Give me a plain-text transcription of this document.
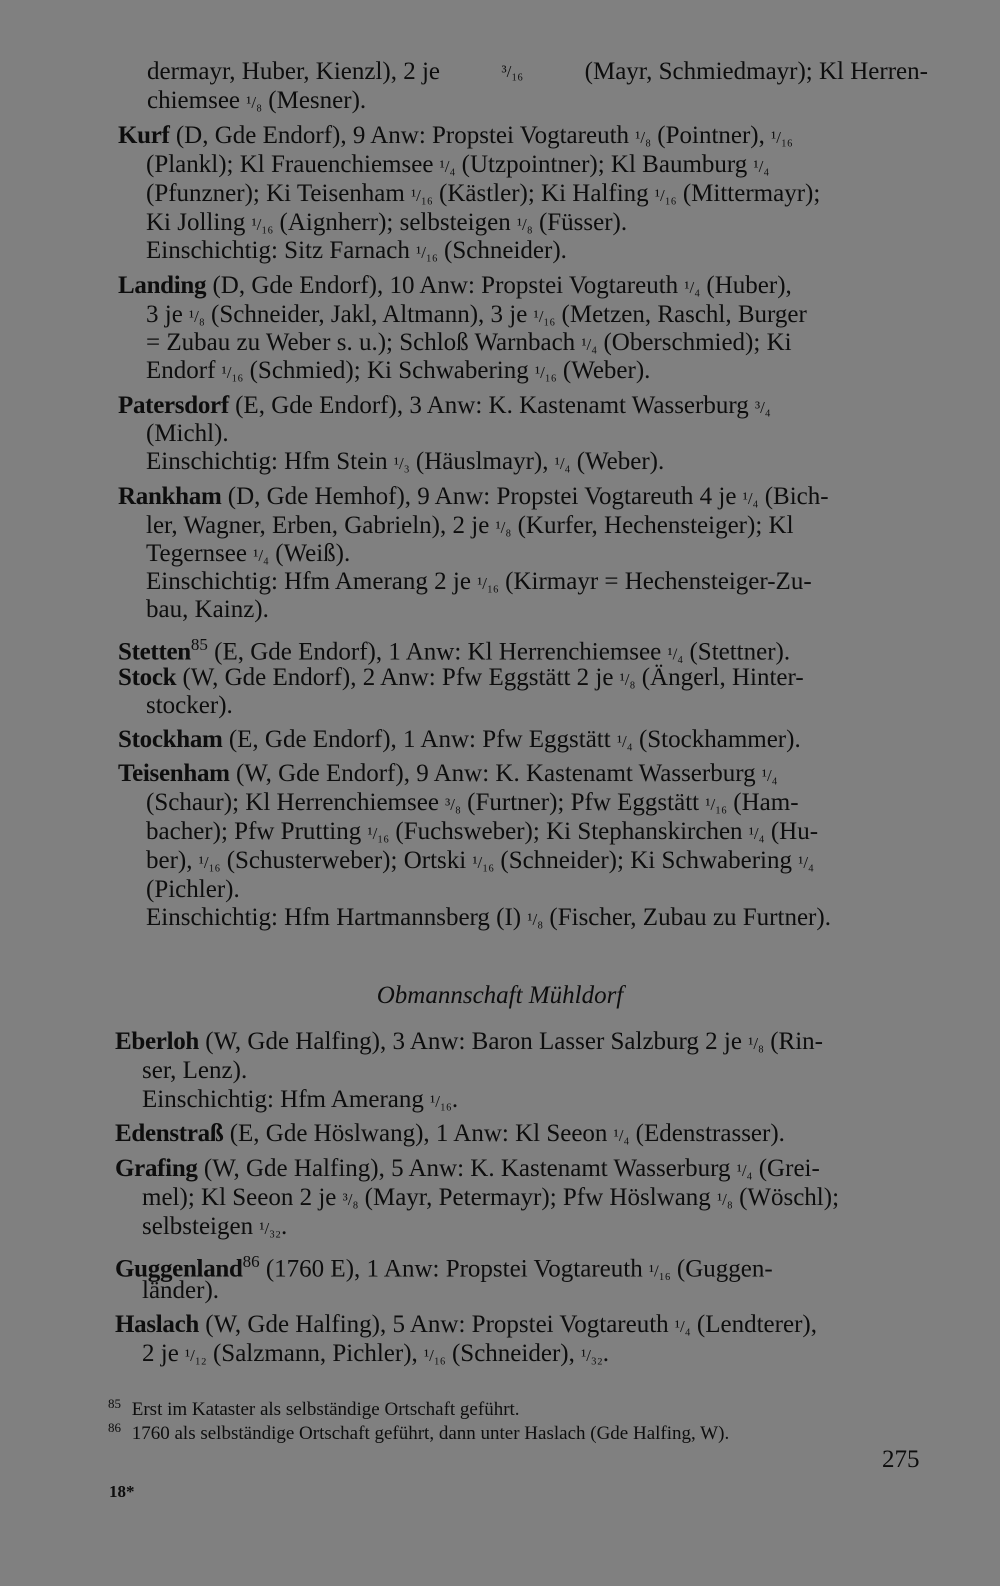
dermayr, Huber, Kienzl), 2 je	³/₁₆ (Mayr, Schmiedmayr); Kl Herren-
chiemsee ¹/₈ (Mesner).
Kurf (D, Gde Endorf), 9 Anw: Propstei Vogtareuth ¹/₈ (Pointner), ¹/₁₆
(Plankl); Kl Frauenchiemsee ¹/₄ (Utzpointner); Kl Baumburg ¹/₄
(Pfunzner); Ki Teisenham ¹/₁₆ (Kästler); Ki Halfing ¹/₁₆ (Mittermayr);
Ki Jolling ¹/₁₆ (Aignherr); selbsteigen ¹/₈ (Füsser).
Einschichtig: Sitz Farnach ¹/₁₆ (Schneider).
Landing (D, Gde Endorf), 10 Anw: Propstei Vogtareuth ¹/₄ (Huber),
3 je ¹/₈ (Schneider, Jakl, Altmann), 3 je ¹/₁₆ (Metzen, Raschl, Burger
= Zubau zu Weber s. u.); Schloß Warnbach ¹/₄ (Oberschmied); Ki
Endorf ¹/₁₆ (Schmied); Ki Schwabering ¹/₁₆ (Weber).
Patersdorf (E, Gde Endorf), 3 Anw: K. Kastenamt Wasserburg ³/₄
(Michl).
Einschichtig: Hfm Stein ¹/₃ (Häuslmayr), ¹/₄ (Weber).
Rankham (D, Gde Hemhof), 9 Anw: Propstei Vogtareuth 4 je ¹/₄ (Bich-
ler, Wagner, Erben, Gabrieln), 2 je ¹/₈ (Kurfer, Hechensteiger); Kl
Tegernsee ¹/₄ (Weiß).
Einschichtig: Hfm Amerang 2 je ¹/₁₆ (Kirmayr = Hechensteiger-Zu-
bau, Kainz).
Stetten$^{85}$ (E, Gde Endorf), 1 Anw: Kl Herrenchiemsee ¹/₄ (Stettner).
Stock (W, Gde Endorf), 2 Anw: Pfw Eggstätt 2 je ¹/₈ (Ängerl, Hinter-
stocker).
Stockham (E, Gde Endorf), 1 Anw: Pfw Eggstätt ¹/₄ (Stockhammer).
Teisenham (W, Gde Endorf), 9 Anw: K. Kastenamt Wasserburg ¹/₄
(Schaur); Kl Herrenchiemsee ³/₈ (Furtner); Pfw Eggstätt ¹/₁₆ (Ham-
bacher); Pfw Prutting ¹/₁₆ (Fuchsweber); Ki Stephanskirchen ¹/₄ (Hu-
ber), ¹/₁₆ (Schusterweber); Ortski ¹/₁₆ (Schneider); Ki Schwabering ¹/₄
(Pichler).
Einschichtig: Hfm Hartmannsberg (I) ¹/₈ (Fischer, Zubau zu Furtner).
Obmannschaft Mühldorf
Eberloh (W, Gde Halfing), 3 Anw: Baron Lasser Salzburg 2 je ¹/₈ (Rin-
ser, Lenz).
Einschichtig: Hfm Amerang ¹/₁₆.
Edenstraß (E, Gde Höslwang), 1 Anw: Kl Seeon ¹/₄ (Edenstrasser).
Grafing (W, Gde Halfing), 5 Anw: K. Kastenamt Wasserburg ¹/₄ (Grei-
mel); Kl Seeon 2 je ³/₈ (Mayr, Petermayr); Pfw Höslwang ¹/₈ (Wöschl);
selbsteigen ¹/₃₂.
Guggenland$^{86}$ (1760 E), 1 Anw: Propstei Vogtareuth ¹/₁₆ (Guggen-
länder).
Haslach (W, Gde Halfing), 5 Anw: Propstei Vogtareuth ¹/₄ (Lendterer),
2 je ¹/₁₂ (Salzmann, Pichler), ¹/₁₆ (Schneider), ¹/₃₂.
$^{85}$ Erst im Kataster als selbständige Ortschaft geführt.
$^{86}$ 1760 als selbständige Ortschaft geführt, dann unter Haslach (Gde Halfing, W).
275
18*
